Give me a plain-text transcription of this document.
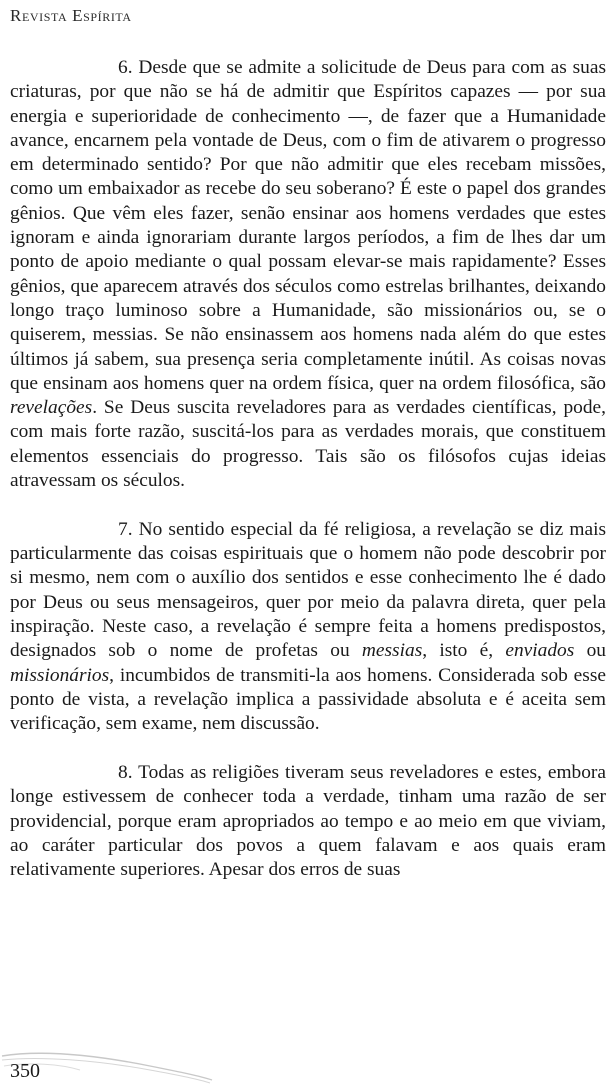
Revista Espírita

6. Desde que se admite a solicitude de Deus para com as suas criaturas, por que não se há de admitir que Espíritos capazes — por sua energia e superioridade de conhecimento —, de fazer que a Humanidade avance, encarnem pela vontade de Deus, com o fim de ativarem o progresso em determinado sentido? Por que não admitir que eles recebam missões, como um embaixador as recebe do seu soberano? É este o papel dos grandes gênios. Que vêm eles fazer, senão ensinar aos homens verdades que estes ignoram e ainda ignorariam durante largos períodos, a fim de lhes dar um ponto de apoio mediante o qual possam elevar-se mais rapidamente? Esses gênios, que aparecem através dos séculos como estrelas brilhantes, deixando longo traço luminoso sobre a Humanidade, são missionários ou, se o quiserem, messias. Se não ensinassem aos homens nada além do que estes últimos já sabem, sua presença seria completamente inútil. As coisas novas que ensinam aos homens quer na ordem física, quer na ordem filosófica, são revelações. Se Deus suscita reveladores para as verdades científicas, pode, com mais forte razão, suscitá-los para as verdades morais, que constituem elementos essenciais do progresso. Tais são os filósofos cujas ideias atravessam os séculos.

7. No sentido especial da fé religiosa, a revelação se diz mais particularmente das coisas espirituais que o homem não pode descobrir por si mesmo, nem com o auxílio dos sentidos e esse conhecimento lhe é dado por Deus ou seus mensageiros, quer por meio da palavra direta, quer pela inspiração. Neste caso, a revelação é sempre feita a homens predispostos, designados sob o nome de profetas ou messias, isto é, enviados ou missionários, incumbidos de transmiti-la aos homens. Considerada sob esse ponto de vista, a revelação implica a passividade absoluta e é aceita sem verificação, sem exame, nem discussão.

8. Todas as religiões tiveram seus reveladores e estes, embora longe estivessem de conhecer toda a verdade, tinham uma razão de ser providencial, porque eram apropriados ao tempo e ao meio em que viviam, ao caráter particular dos povos a quem falavam e aos quais eram relativamente superiores. Apesar dos erros de suas

350
